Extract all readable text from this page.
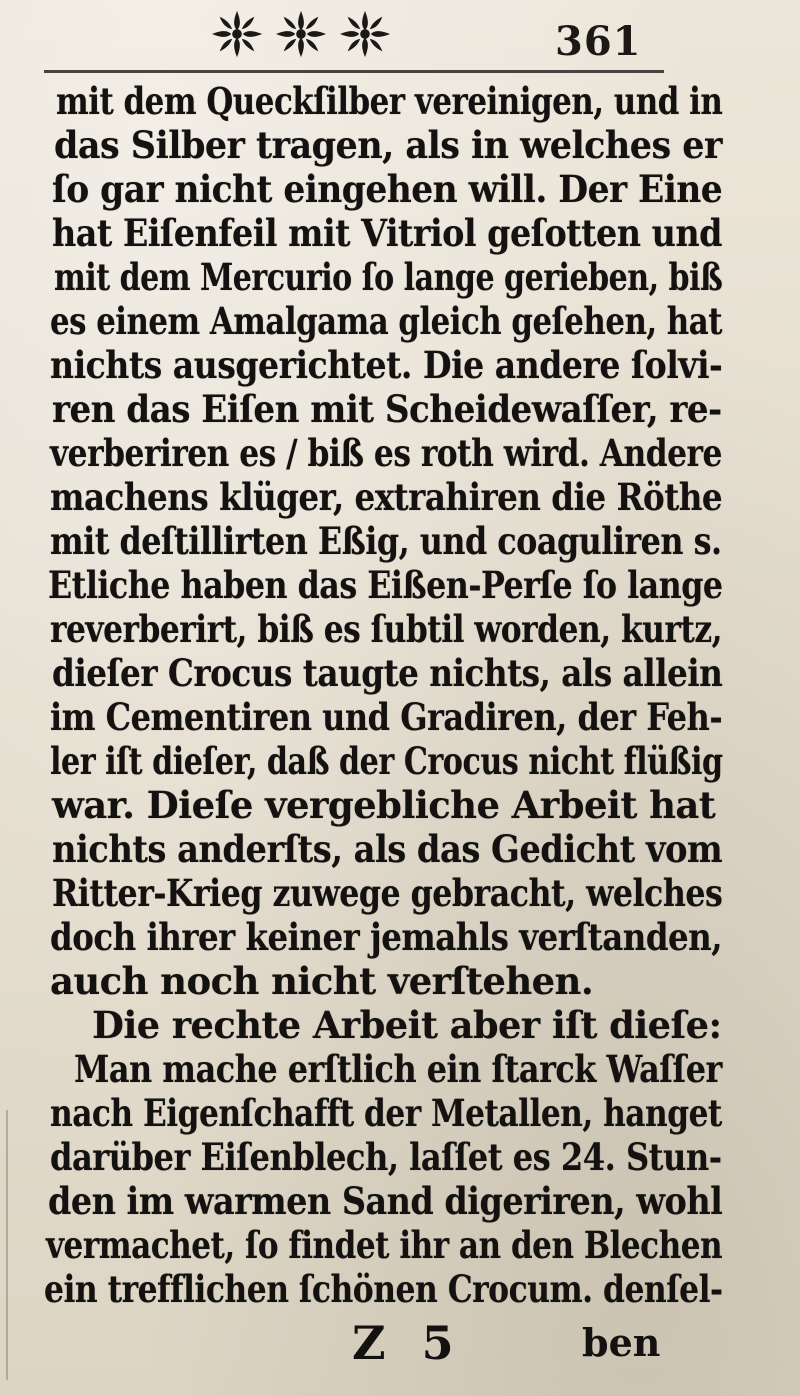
361
mit dem Queckſilber vereinigen, und in
das Silber tragen, als in welches er
ſo gar nicht eingehen will. Der Eine
hat Eiſenfeil mit Vitriol geſotten und
mit dem Mercurio ſo lange gerieben, biß
es einem Amalgama gleich geſehen, hat
nichts ausgerichtet. Die andere ſolvi-
ren das Eiſen mit Scheidewaſſer, re-
verberiren es / biß es roth wird. Andere
machens klüger, extrahiren die Röthe
mit deſtillirten Eßig, und coaguliren s.
Etliche haben das Eißen-Perſe ſo lange
reverberirt, biß es ſubtil worden, kurtz,
dieſer Crocus taugte nichts, als allein
im Cementiren und Gradiren, der Feh-
ler iſt dieſer, daß der Crocus nicht flüßig
war. Dieſe vergebliche Arbeit hat
nichts anderſts, als das Gedicht vom
Ritter-Krieg zuwege gebracht, welches
doch ihrer keiner jemahls verſtanden,
auch noch nicht verſtehen.
Die rechte Arbeit aber iſt dieſe:
Man mache erſtlich ein ſtarck Waſſer
nach Eigenſchafft der Metallen, hanget
darüber Eiſenblech, laſſet es 24. Stun-
den im warmen Sand digeriren, wohl
vermachet, ſo findet ihr an den Blechen
ein trefflichen ſchönen Crocum. denſel-
Z 5	ben
